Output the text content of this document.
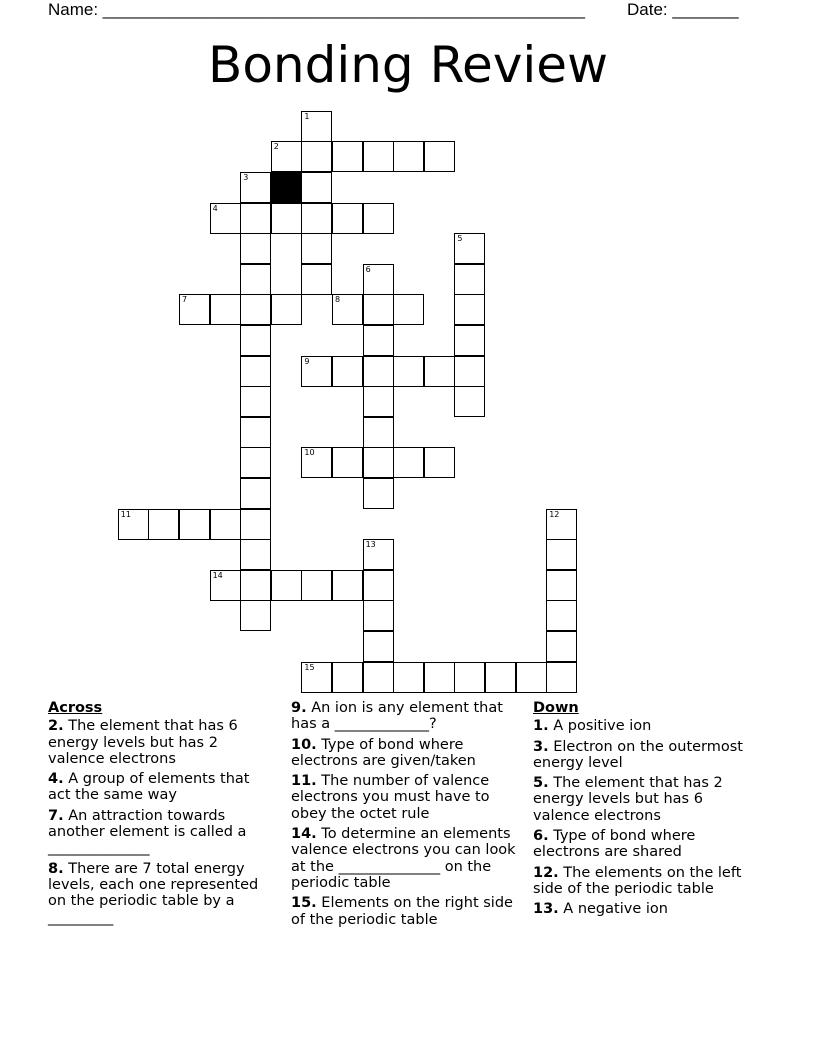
Name: ___________________________________________________ Date: _______
Bonding Review
1
2
3
4
5
6
7	8
9
10
11	12
13
14
15
Across
2. The element that has 6 energy levels but has 2 valence electrons
4. A group of elements that act the same way
7. An attraction towards another element is called a ______________
8. There are 7 total energy levels, each one represented on the periodic table by a _________
9. An ion is any element that has a _____________?
10. Type of bond where electrons are given/taken
11. The number of valence electrons you must have to obey the octet rule
14. To determine an elements valence electrons you can look at the ______________ on the periodic table
15. Elements on the right side of the periodic table
Down
1. A positive ion
3. Electron on the outermost energy level
5. The element that has 2 energy levels but has 6 valence electrons
6. Type of bond where electrons are shared
12. The elements on the left side of the periodic table
13. A negative ion
